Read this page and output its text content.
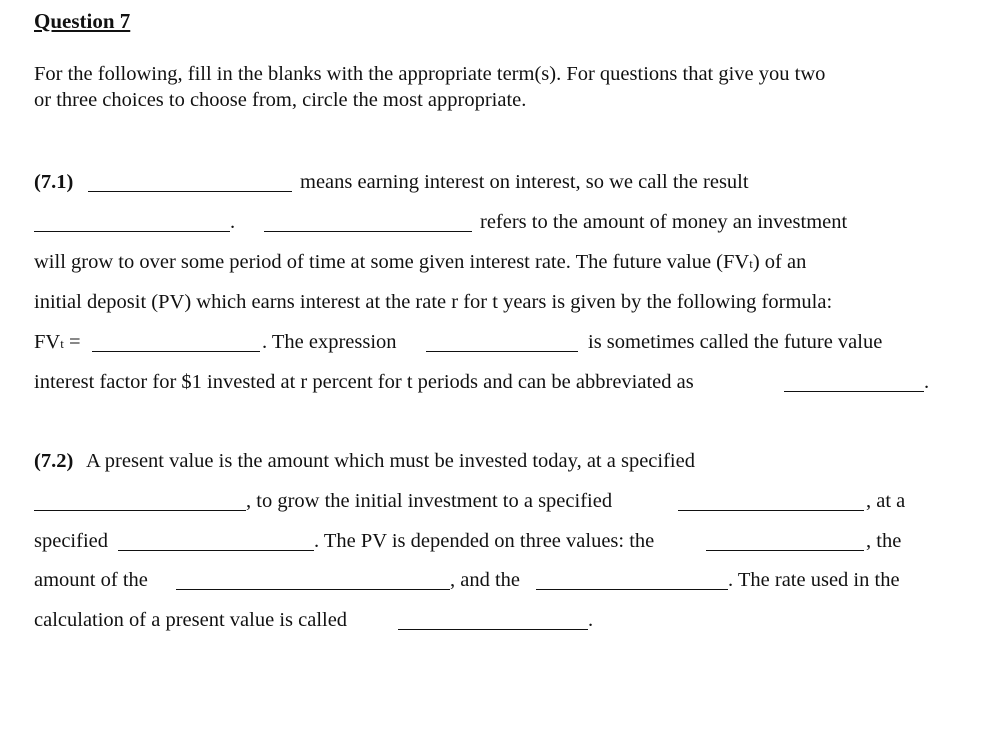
Question 7
For the following, fill in the blanks with the appropriate term(s). For questions that give you two
or three choices to choose from, circle the most appropriate.
(7.1)	means earning interest on interest, so we call the result
.	refers to the amount of money an investment
will grow to over some period of time at some given interest rate. The future value (FVt) of an
initial deposit (PV) which earns interest at the rate r for t years is given by the following formula:
FVt =	. The expression	is sometimes called the future value
interest factor for $1 invested at r percent for t periods and can be abbreviated as	.
(7.2) A present value is the amount which must be invested today, at a specified
, to grow the initial investment to a specified	, at a
specified	. The PV is depended on three values: the	, the
amount of the	, and the	. The rate used in the
calculation of a present value is called	.
